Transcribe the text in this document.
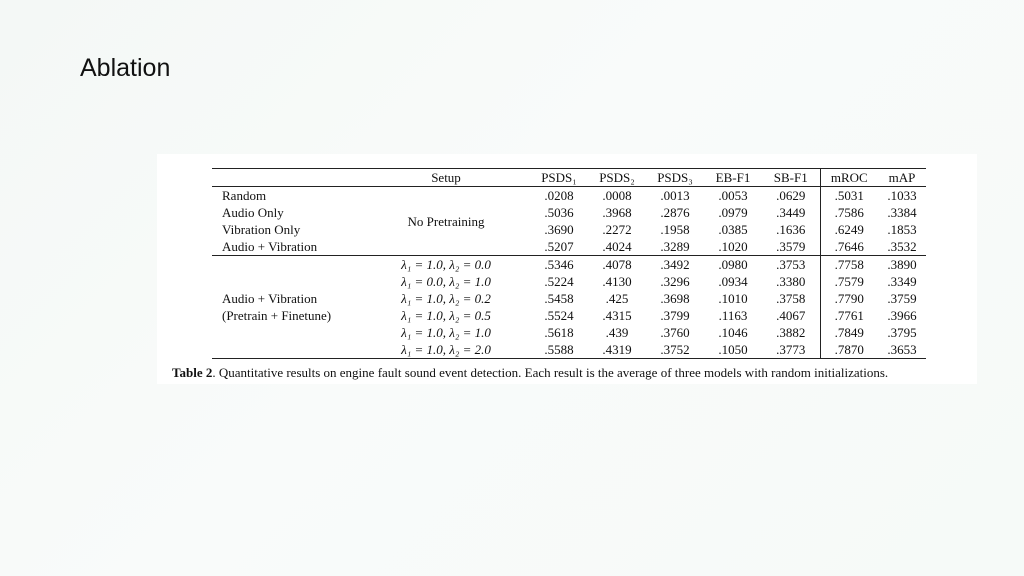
Ablation
	Setup	PSDS₁	PSDS₂	PSDS₃	EB-F1	SB-F1	mROC	mAP
Random	No Pretraining	.0208	.0008	.0013	.0053	.0629	.5031	.1033
Audio Only		.5036	.3968	.2876	.0979	.3449	.7586	.3384
Vibration Only		.3690	.2272	.1958	.0385	.1636	.6249	.1853
Audio + Vibration		.5207	.4024	.3289	.1020	.3579	.7646	.3532
	λ₁ = 1.0, λ₂ = 0.0	.5346	.4078	.3492	.0980	.3753	.7758	.3890
	λ₁ = 0.0, λ₂ = 1.0	.5224	.4130	.3296	.0934	.3380	.7579	.3349
Audio + Vibration	λ₁ = 1.0, λ₂ = 0.2	.5458	.425	.3698	.1010	.3758	.7790	.3759
(Pretrain + Finetune)	λ₁ = 1.0, λ₂ = 0.5	.5524	.4315	.3799	.1163	.4067	.7761	.3966
	λ₁ = 1.0, λ₂ = 1.0	.5618	.439	.3760	.1046	.3882	.7849	.3795
	λ₁ = 1.0, λ₂ = 2.0	.5588	.4319	.3752	.1050	.3773	.7870	.3653
Table 2. Quantitative results on engine fault sound event detection. Each result is the average of three models with random initializations.
